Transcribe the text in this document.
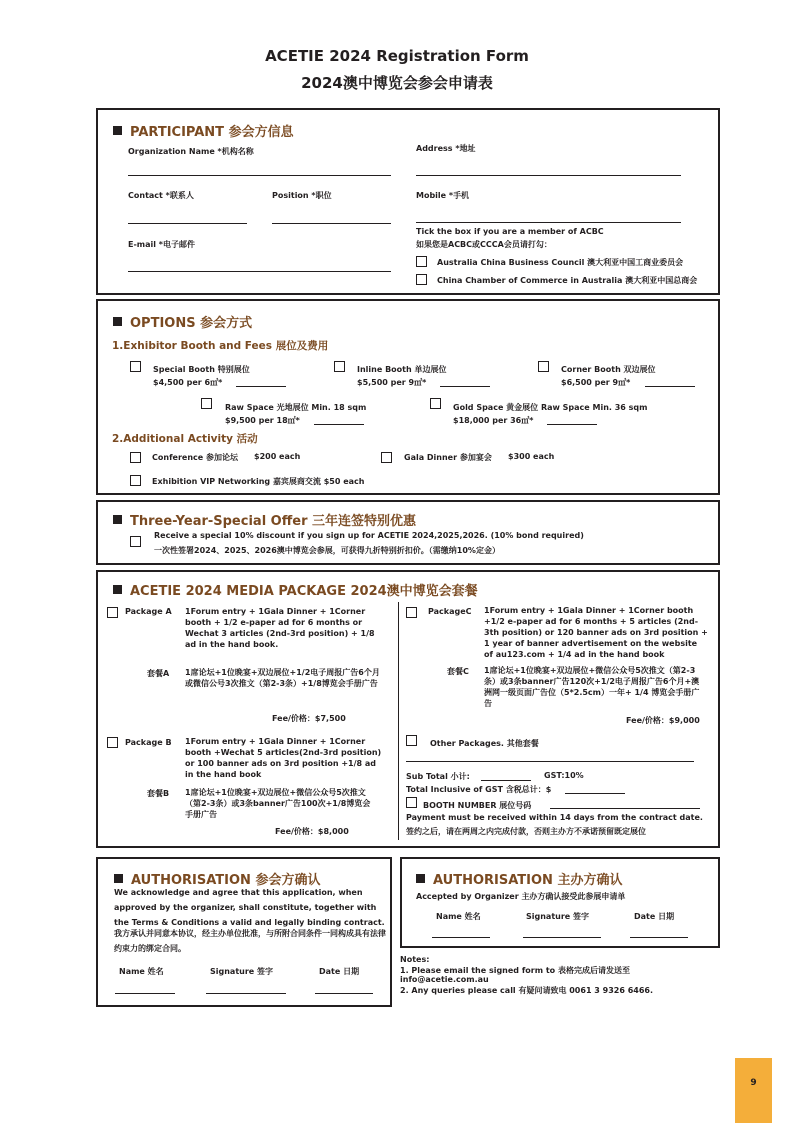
ACETIE 2024 Registration Form
2024澳中博览会参会申请表
PARTICIPANT 参会方信息
Organization Name *机构名称	Address *地址
Contact *联系人	Position *职位	Mobile *手机
E-mail *电子邮件
Tick the box if you are a member of ACBC
如果您是ACBC或CCCA会员请打勾：
Australia China Business Council 澳大利亚中国工商业委员会
China Chamber of Commerce in Australia 澳大利亚中国总商会
OPTIONS 参会方式
1.Exhibitor Booth and Fees 展位及费用
Special Booth 特别展位
$4,500 per 6㎡*
Inline Booth 单边展位
$5,500 per 9㎡*
Corner Booth 双边展位
$6,500 per 9㎡*
Raw Space 光地展位 Min. 18 sqm
$9,500 per 18㎡*
Gold Space 黄金展位 Raw Space Min. 36 sqm
$18,000 per 36㎡*
2.Additional Activity 活动
Conference 参加论坛 $200 each	Gala Dinner 参加宴会 $300 each
Exhibition VIP Networking 嘉宾展商交流 $50 each
Three-Year-Special Offer 三年连签特别优惠
Receive a special 10% discount if you sign up for ACETIE 2024,2025,2026. (10% bond required)
一次性签署2024、2025、2026澳中博览会参展，可获得九折特别折扣价。（需缴纳10%定金）
ACETIE 2024 MEDIA PACKAGE 2024澳中博览会套餐
Package A 1Forum entry + 1Gala Dinner + 1Corner booth + 1/2 e-paper ad for 6 months or Wechat 3 articles (2nd-3rd position) + 1/8 ad in the hand book.
套餐A 1席论坛+1位晚宴+双边展位+1/2电子周报广告6个月或微信公号3次推文（第2-3条）+1/8博览会手册广告
Fee/价格：$7,500
Package B 1Forum entry + 1Gala Dinner + 1Corner booth +Wechat 5 articles(2nd-3rd position) or 100 banner ads on 3rd position +1/8 ad in the hand book
套餐B 1席论坛+1位晚宴+双边展位+微信公众号5次推文（第2-3条）或3条banner广告100次+1/8博览会手册广告
Fee/价格：$8,000
PackageC 1Forum entry + 1Gala Dinner + 1Corner booth +1/2 e-paper ad for 6 months + 5 articles (2nd-3th position) or 120 banner ads on 3rd position + 1 year of banner advertisement on the website of au123.com + 1/4 ad in the hand book
套餐C 1席论坛+1位晚宴+双边展位+微信公众号5次推文（第2-3条）或3条banner广告120次+1/2电子周报广告6个月+澳洲网一级页面广告位（5*2.5cm）一年+ 1/4 博览会手册广告
Fee/价格：$9,000
Other Packages. 其他套餐
Sub Total 小计:	GST:10%
Total Inclusive of GST 含税总计：$
BOOTH NUMBER 展位号码
Payment must be received within 14 days from the contract date.
签约之后，请在两周之内完成付款，否则主办方不承诺预留既定展位
AUTHORISATION 参会方确认
We acknowledge and agree that this application, when approved by the organizer, shall constitute, together with the Terms & Conditions a valid and legally binding contract.
我方承认并同意本协议，经主办单位批准，与所附合同条件一同构成具有法律约束力的绑定合同。
Name 姓名	Signature 签字	Date 日期
AUTHORISATION 主办方确认
Accepted by Organizer 主办方确认接受此参展申请单
Name 姓名	Signature 签字	Date 日期
Notes:
1. Please email the signed form to 表格完成后请发送至
info@acetie.com.au
2. Any queries please call 有疑问请致电 0061 3 9326 6466.
9
